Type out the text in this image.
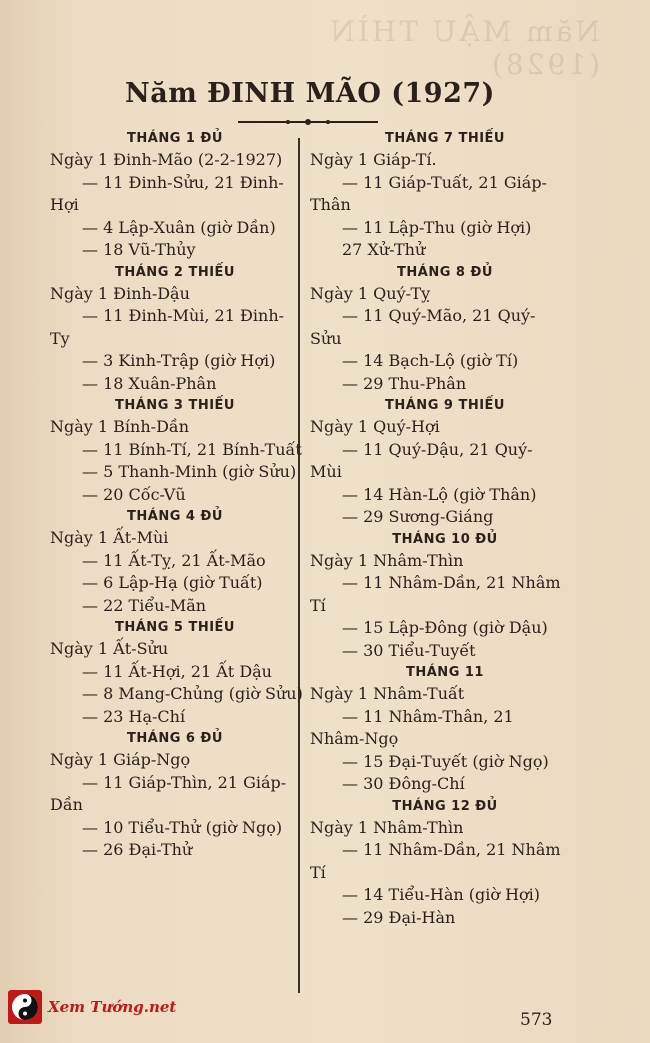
Năm MẬU THÌN (1928)
Năm ĐINH MÃO (1927)
THÁNG 1 ĐỦ
Ngày 1 Đinh-Mão (2-2-1927)
— 11 Đinh-Sửu, 21 Đinh-
Hợi
— 4 Lập-Xuân (giờ Dần)
— 18 Vũ-Thủy
THÁNG 2 THIẾU
Ngày 1 Đinh-Dậu
— 11 Đinh-Mùi, 21 Đinh-
Ty
— 3 Kinh-Trập (giờ Hợi)
— 18 Xuân-Phân
THÁNG 3 THIẾU
Ngày 1 Bính-Dần
— 11 Bính-Tí, 21 Bính-Tuất
— 5 Thanh-Minh (giờ Sửu)
— 20 Cốc-Vũ
THÁNG 4 ĐỦ
Ngày 1 Ất-Mùi
— 11 Ất-Tỵ, 21 Ất-Mão
— 6 Lập-Hạ (giờ Tuất)
— 22 Tiểu-Mãn
THÁNG 5 THIẾU
Ngày 1 Ất-Sửu
— 11 Ất-Hợi, 21 Ất Dậu
— 8 Mang-Chủng (giờ Sửu)
— 23 Hạ-Chí
THÁNG 6 ĐỦ
Ngày 1 Giáp-Ngọ
— 11 Giáp-Thìn, 21 Giáp-
Dần
— 10 Tiểu-Thử (giờ Ngọ)
— 26 Đại-Thử
THÁNG 7 THIẾU
Ngày 1 Giáp-Tí.
— 11 Giáp-Tuất, 21 Giáp-
Thân
— 11 Lập-Thu (giờ Hợi)
27 Xử-Thử
THÁNG 8 ĐỦ
Ngày 1 Quý-Tỵ
— 11 Quý-Mão, 21 Quý-
Sửu
— 14 Bạch-Lộ (giờ Tí)
— 29 Thu-Phân
THÁNG 9 THIẾU
Ngày 1 Quý-Hợi
— 11 Quý-Dậu, 21 Quý-
Mùi
— 14 Hàn-Lộ (giờ Thân)
— 29 Sương-Giáng
THÁNG 10 ĐỦ
Ngày 1 Nhâm-Thìn
— 11 Nhâm-Dần, 21 Nhâm
Tí
— 15 Lập-Đông (giờ Dậu)
— 30 Tiểu-Tuyết
THÁNG 11
Ngày 1 Nhâm-Tuất
— 11 Nhâm-Thân, 21
Nhâm-Ngọ
— 15 Đại-Tuyết (giờ Ngọ)
— 30 Đông-Chí
THÁNG 12 ĐỦ
Ngày 1 Nhâm-Thìn
— 11 Nhâm-Dần, 21 Nhâm
Tí
— 14 Tiểu-Hàn (giờ Hợi)
— 29 Đại-Hàn
Xem Tướng.net
573
